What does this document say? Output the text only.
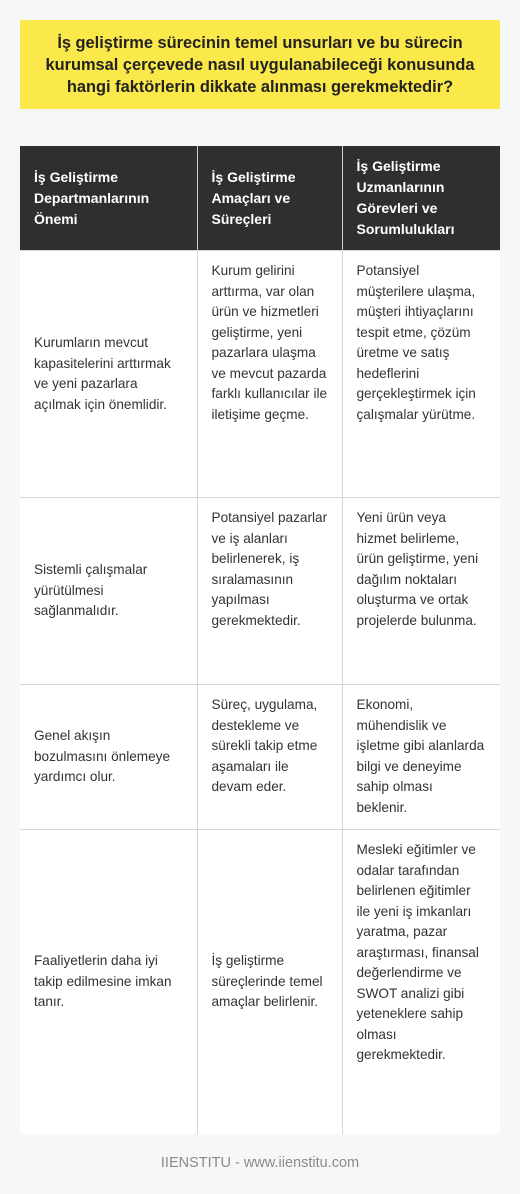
İş geliştirme sürecinin temel unsurları ve bu sürecin kurumsal çerçevede nasıl uygulanabileceği konusunda hangi faktörlerin dikkate alınması gerekmektedir?
İş Geliştirme Departmanlarının Önemi	İş Geliştirme Amaçları ve Süreçleri	İş Geliştirme Uzmanlarının Görevleri ve Sorumlulukları
Kurumların mevcut kapasitelerini arttırmak ve yeni pazarlara açılmak için önemlidir.	Kurum gelirini arttırma, var olan ürün ve hizmetleri geliştirme, yeni pazarlara ulaşma ve mevcut pazarda farklı kullanıcılar ile iletişime geçme.	Potansiyel müşterilere ulaşma, müşteri ihtiyaçlarını tespit etme, çözüm üretme ve satış hedeflerini gerçekleştirmek için çalışmalar yürütme.
Sistemli çalışmalar yürütülmesi sağlanmalıdır.	Potansiyel pazarlar ve iş alanları belirlenerek, iş sıralamasının yapılması gerekmektedir.	Yeni ürün veya hizmet belirleme, ürün geliştirme, yeni dağılım noktaları oluşturma ve ortak projelerde bulunma.
Genel akışın bozulmasını önlemeye yardımcı olur.	Süreç, uygulama, destekleme ve sürekli takip etme aşamaları ile devam eder.	Ekonomi, mühendislik ve işletme gibi alanlarda bilgi ve deneyime sahip olması beklenir.
Faaliyetlerin daha iyi takip edilmesine imkan tanır.	İş geliştirme süreçlerinde temel amaçlar belirlenir.	Mesleki eğitimler ve odalar tarafından belirlenen eğitimler ile yeni iş imkanları yaratma, pazar araştırması, finansal değerlendirme ve SWOT analizi gibi yeteneklere sahip olması gerekmektedir.
IIENSTITU - www.iienstitu.com
